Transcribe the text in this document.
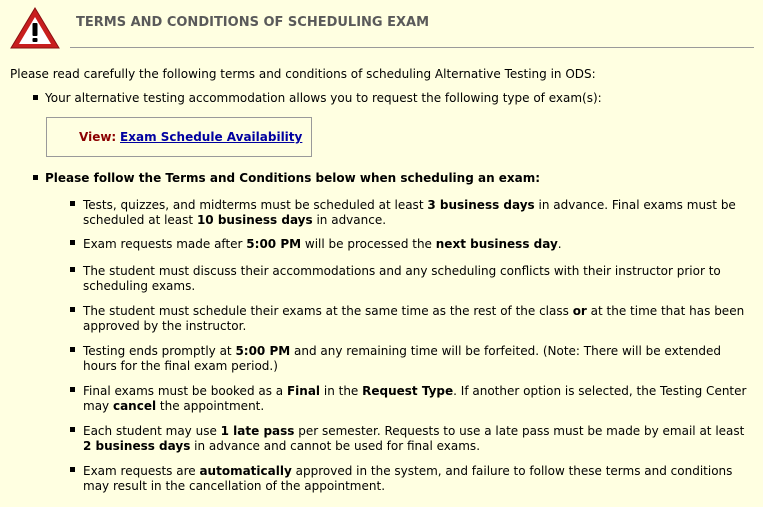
TERMS AND CONDITIONS OF SCHEDULING EXAM
Please read carefully the following terms and conditions of scheduling Alternative Testing in ODS:
Your alternative testing accommodation allows you to request the following type of exam(s):
View: Exam Schedule Availability
Please follow the Terms and Conditions below when scheduling an exam:
Tests, quizzes, and midterms must be scheduled at least 3 business days in advance. Final exams must be scheduled at least 10 business days in advance.
Exam requests made after 5:00 PM will be processed the next business day.
The student must discuss their accommodations and any scheduling conflicts with their instructor prior to scheduling exams.
The student must schedule their exams at the same time as the rest of the class or at the time that has been approved by the instructor.
Testing ends promptly at 5:00 PM and any remaining time will be forfeited. (Note: There will be extended hours for the final exam period.)
Final exams must be booked as a Final in the Request Type. If another option is selected, the Testing Center may cancel the appointment.
Each student may use 1 late pass per semester. Requests to use a late pass must be made by email at least 2 business days in advance and cannot be used for final exams.
Exam requests are automatically approved in the system, and failure to follow these terms and conditions may result in the cancellation of the appointment.
